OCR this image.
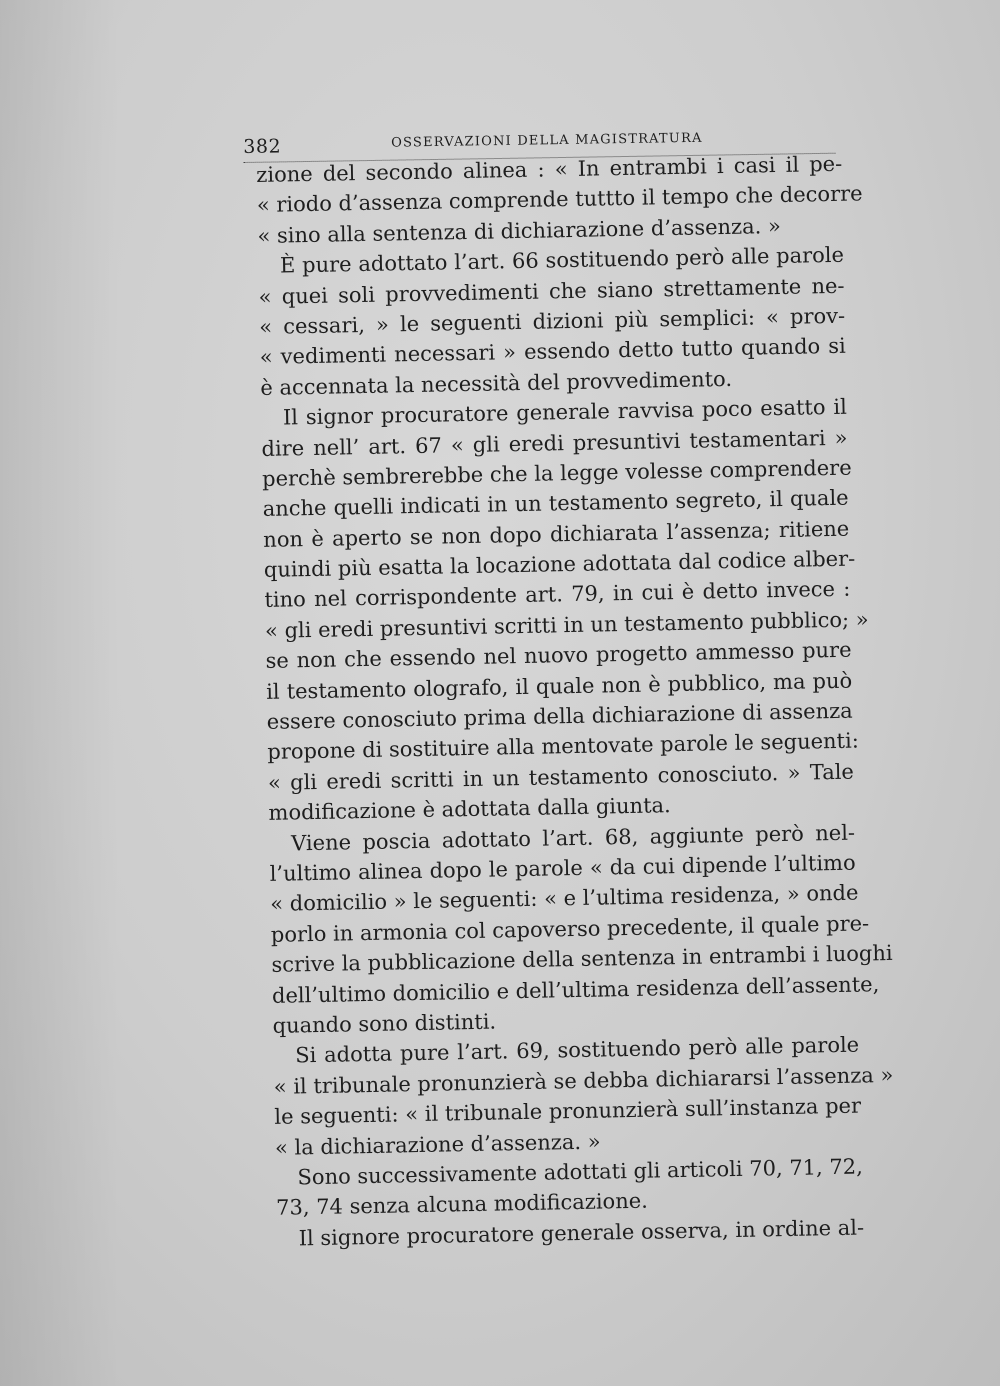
382	OSSERVAZIONI DELLA MAGISTRATURA
zione del secondo alinea : « In entrambi i casi il pe-
« riodo d’assenza comprende tuttto il tempo che decorre
« sino alla sentenza di dichiarazione d’assenza. »
È pure adottato l’art. 66 sostituendo però alle parole
« quei soli provvedimenti che siano strettamente ne-
« cessari, » le seguenti dizioni più semplici: « prov-
« vedimenti necessari » essendo detto tutto quando si
è accennata la necessità del provvedimento.
Il signor procuratore generale ravvisa poco esatto il
dire nell’ art. 67 « gli eredi presuntivi testamentari »
perchè sembrerebbe che la legge volesse comprendere
anche quelli indicati in un testamento segreto, il quale
non è aperto se non dopo dichiarata l’assenza; ritiene
quindi più esatta la locazione adottata dal codice alber-
tino nel corrispondente art. 79, in cui è detto invece :
« gli eredi presuntivi scritti in un testamento pubblico; »
se non che essendo nel nuovo progetto ammesso pure
il testamento olografo, il quale non è pubblico, ma può
essere conosciuto prima della dichiarazione di assenza
propone di sostituire alla mentovate parole le seguenti:
« gli eredi scritti in un testamento conosciuto. » Tale
modificazione è adottata dalla giunta.
Viene poscia adottato l’art. 68, aggiunte però nel-
l’ultimo alinea dopo le parole « da cui dipende l’ultimo
« domicilio » le seguenti: « e l’ultima residenza, » onde
porlo in armonia col capoverso precedente, il quale pre-
scrive la pubblicazione della sentenza in entrambi i luoghi
dell’ultimo domicilio e dell’ultima residenza dell’assente,
quando sono distinti.
Si adotta pure l’art. 69, sostituendo però alle parole
« il tribunale pronunzierà se debba dichiararsi l’assenza »
le seguenti: « il tribunale pronunzierà sull’instanza per
« la dichiarazione d’assenza. »
Sono successivamente adottati gli articoli 70, 71, 72,
73, 74 senza alcuna modificazione.
Il signore procuratore generale osserva, in ordine al-
